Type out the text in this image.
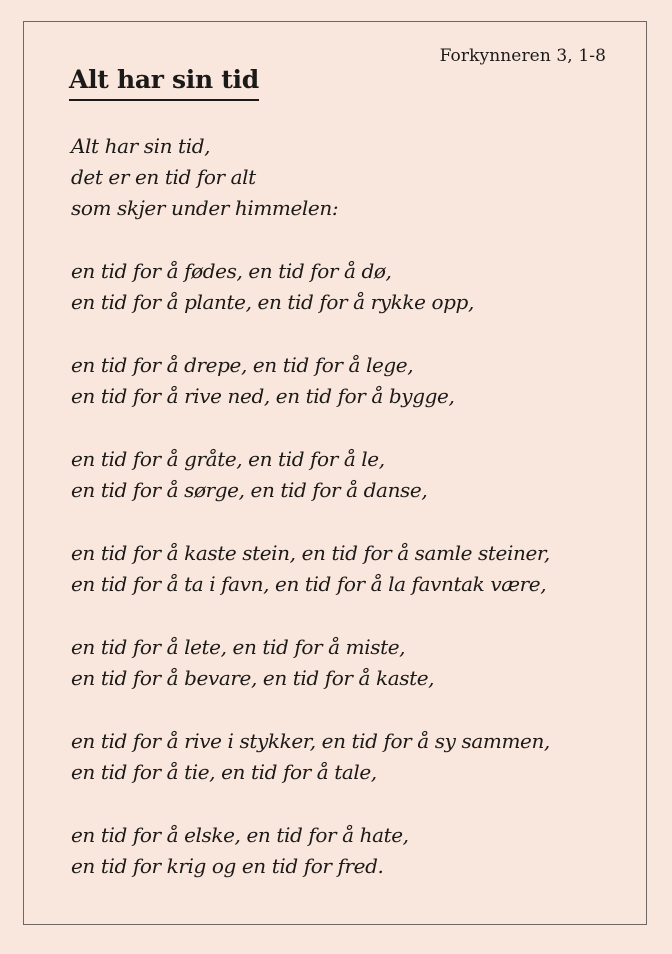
Forkynneren 3, 1-8
Alt har sin tid

Alt har sin tid,
det er en tid for alt
som skjer under himmelen:

en tid for å fødes, en tid for å dø,
en tid for å plante, en tid for å rykke opp,

en tid for å drepe, en tid for å lege,
en tid for å rive ned, en tid for å bygge,

en tid for å gråte, en tid for å le,
en tid for å sørge, en tid for å danse,

en tid for å kaste stein, en tid for å samle steiner,
en tid for å ta i favn, en tid for å la favntak være,

en tid for å lete, en tid for å miste,
en tid for å bevare, en tid for å kaste,

en tid for å rive i stykker, en tid for å sy sammen,
en tid for å tie, en tid for å tale,

en tid for å elske, en tid for å hate,
en tid for krig og en tid for fred.
